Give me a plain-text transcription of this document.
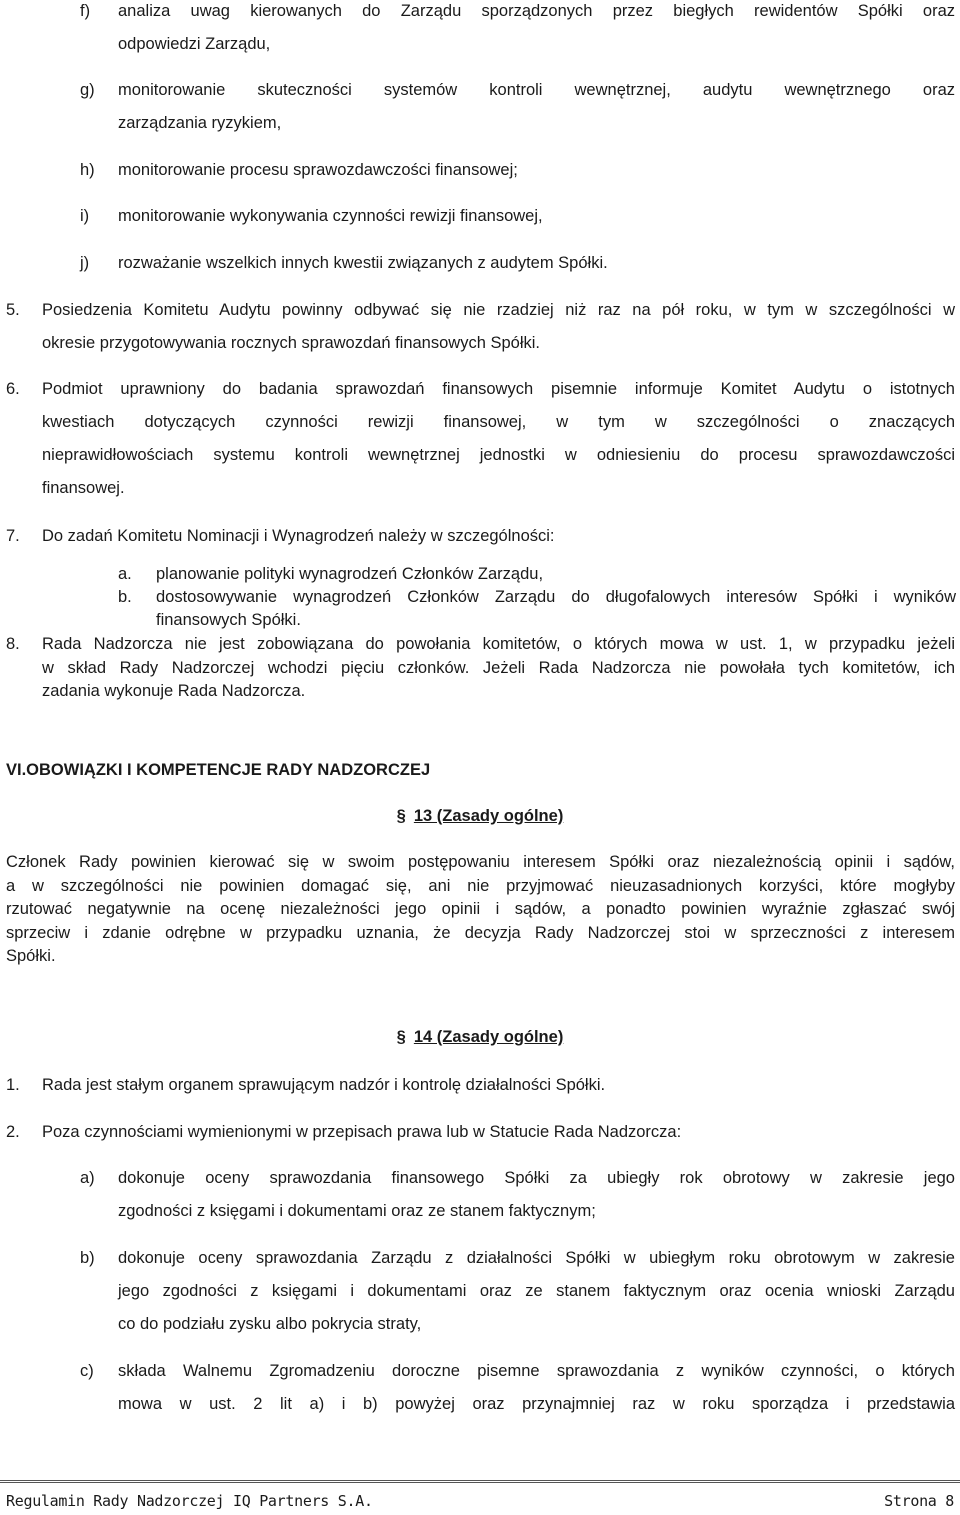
f) analiza uwag kierowanych do Zarządu sporządzonych przez biegłych rewidentów Spółki oraz
odpowiedzi Zarządu,
g) monitorowanie skuteczności systemów kontroli wewnętrznej, audytu wewnętrznego oraz
zarządzania ryzykiem,
h) monitorowanie procesu sprawozdawczości finansowej;
i) monitorowanie wykonywania czynności rewizji finansowej,
j) rozważanie wszelkich innych kwestii związanych z audytem Spółki.
5. Posiedzenia Komitetu Audytu powinny odbywać się nie rzadziej niż raz na pół roku, w tym w szczególności w
okresie przygotowywania rocznych sprawozdań finansowych Spółki.
6. Podmiot uprawniony do badania sprawozdań finansowych pisemnie informuje Komitet Audytu o istotnych
kwestiach dotyczących czynności rewizji finansowej, w tym w szczególności o znaczących
nieprawidłowościach systemu kontroli wewnętrznej jednostki w odniesieniu do procesu sprawozdawczości
finansowej.
7. Do zadań Komitetu Nominacji i Wynagrodzeń należy w szczególności:
a. planowanie polityki wynagrodzeń Członków Zarządu,
b. dostosowywanie wynagrodzeń Członków Zarządu do długofalowych interesów Spółki i wyników
finansowych Spółki.
8. Rada Nadzorcza nie jest zobowiązana do powołania komitetów, o których mowa w ust. 1, w przypadku jeżeli
w skład Rady Nadzorczej wchodzi pięciu członków. Jeżeli Rada Nadzorcza nie powołała tych komitetów, ich
zadania wykonuje Rada Nadzorcza.
VI.OBOWIĄZKI I KOMPETENCJE RADY NADZORCZEJ
§ 13 (Zasady ogólne)
Członek Rady powinien kierować się w swoim postępowaniu interesem Spółki oraz niezależnością opinii i sądów,
a w szczególności nie powinien domagać się, ani nie przyjmować nieuzasadnionych korzyści, które mogłyby
rzutować negatywnie na ocenę niezależności jego opinii i sądów, a ponadto powinien wyraźnie zgłaszać swój
sprzeciw i zdanie odrębne w przypadku uznania, że decyzja Rady Nadzorczej stoi w sprzeczności z interesem
Spółki.
§ 14 (Zasady ogólne)
1. Rada jest stałym organem sprawującym nadzór i kontrolę działalności Spółki.
2. Poza czynnościami wymienionymi w przepisach prawa lub w Statucie Rada Nadzorcza:
a) dokonuje oceny sprawozdania finansowego Spółki za ubiegły rok obrotowy w zakresie jego
zgodności z księgami i dokumentami oraz ze stanem faktycznym;
b) dokonuje oceny sprawozdania Zarządu z działalności Spółki w ubiegłym roku obrotowym w zakresie
jego zgodności z księgami i dokumentami oraz ze stanem faktycznym oraz ocenia wnioski Zarządu
co do podziału zysku albo pokrycia straty,
c) składa Walnemu Zgromadzeniu doroczne pisemne sprawozdania z wyników czynności, o których
mowa w ust. 2 lit a) i b) powyżej oraz przynajmniej raz w roku sporządza i przedstawia
Regulamin Rady Nadzorczej IQ Partners S.A.	Strona 8
